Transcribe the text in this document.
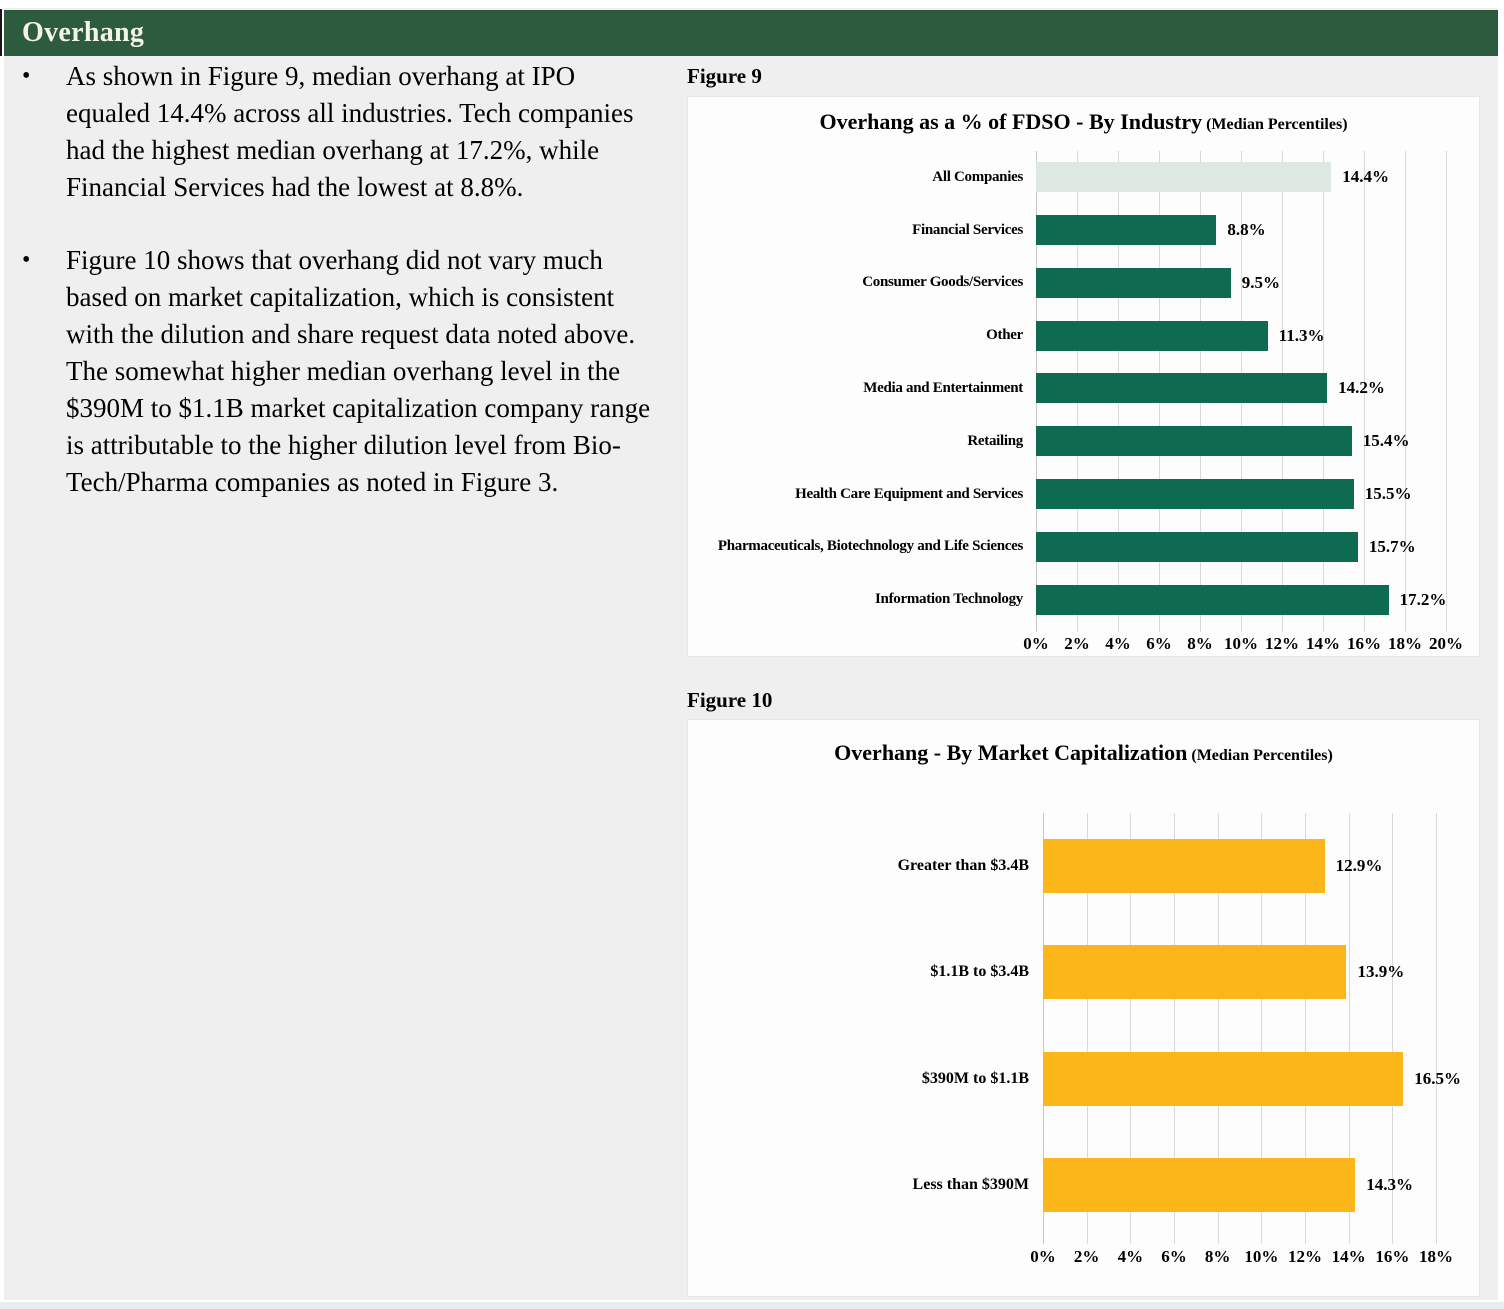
Overhang
•	As shown in Figure 9, median overhang at IPO equaled 14.4% across all industries. Tech companies had the highest median overhang at 17.2%, while Financial Services had the lowest at 8.8%.
•	Figure 10 shows that overhang did not vary much based on market capitalization, which is consistent with the dilution and share request data noted above. The somewhat higher median overhang level in the $390M to $1.1B market capitalization company range is attributable to the higher dilution level from Bio-Tech/Pharma companies as noted in Figure 3.
Figure 9
Overhang as a % of FDSO - By Industry (Median Percentiles)
All Companies
Financial Services
Consumer Goods/Services
Other
Media and Entertainment
Retailing
Health Care Equipment and Services
Pharmaceuticals, Biotechnology and Life Sciences
Information Technology
14.4%
8.8%
9.5%
11.3%
14.2%
15.4%
15.5%
15.7%
17.2%
0% 2% 4% 6% 8% 10% 12% 14% 16% 18% 20%
Figure 10
Overhang - By Market Capitalization (Median Percentiles)
Greater than $3.4B
$1.1B to $3.4B
$390M to $1.1B
Less than $390M
12.9%
13.9%
16.5%
14.3%
0% 2% 4% 6% 8% 10% 12% 14% 16% 18%
